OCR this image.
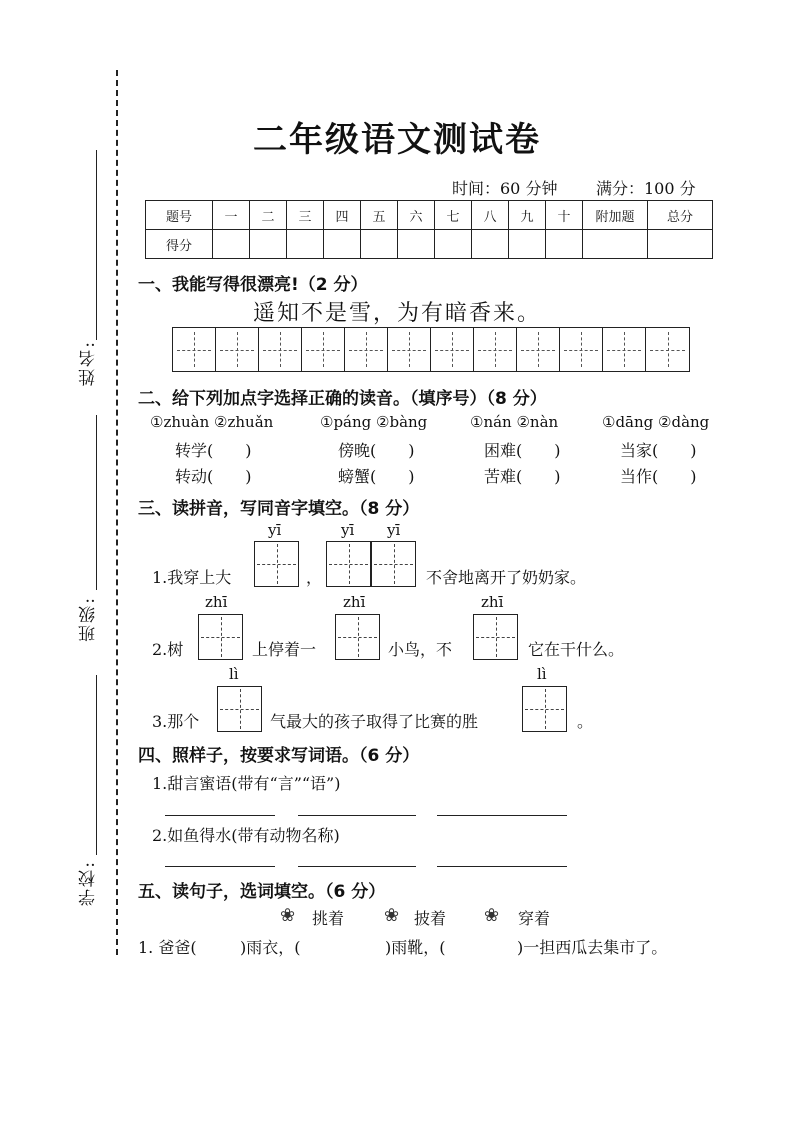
姓名:
班级:
学校:
二年级语文测试卷
时间：60 分钟 满分：100 分
题号	一	二	三	四	五	六	七	八	九	十	附加题	总分
得分												
一、我能写得很漂亮!（2 分）
遥知不是雪，为有暗香来。
二、给下列加点字选择正确的读音。（填序号）（8 分）
①zhuàn ②zhuǎn	①páng ②bàng	①nán ②nàn	①dāng ②dàng
转学(　　)	傍晚(　　)	困难(　　)	当家(　　)
转动(　　)	螃蟹(　　)	苦难(　　)	当作(　　)
三、读拼音，写同音字填空。（8 分）
yī	yī yī
1.我穿上大	，	不舍地离开了奶奶家。
zhī	zhī	zhī
2.树	上停着一	小鸟，不	它在干什么。
lì	lì
3.那个	气最大的孩子取得了比赛的胜	。
四、照样子，按要求写词语。（6 分）
1.甜言蜜语(带有“言”“语”)
2.如鱼得水(带有动物名称)
五、读句子，选词填空。（6 分）
❀ 挑着 ❀ 披着 ❀ 穿着
1. 爸爸(	)雨衣，(	)雨靴，(	)一担西瓜去集市了。
